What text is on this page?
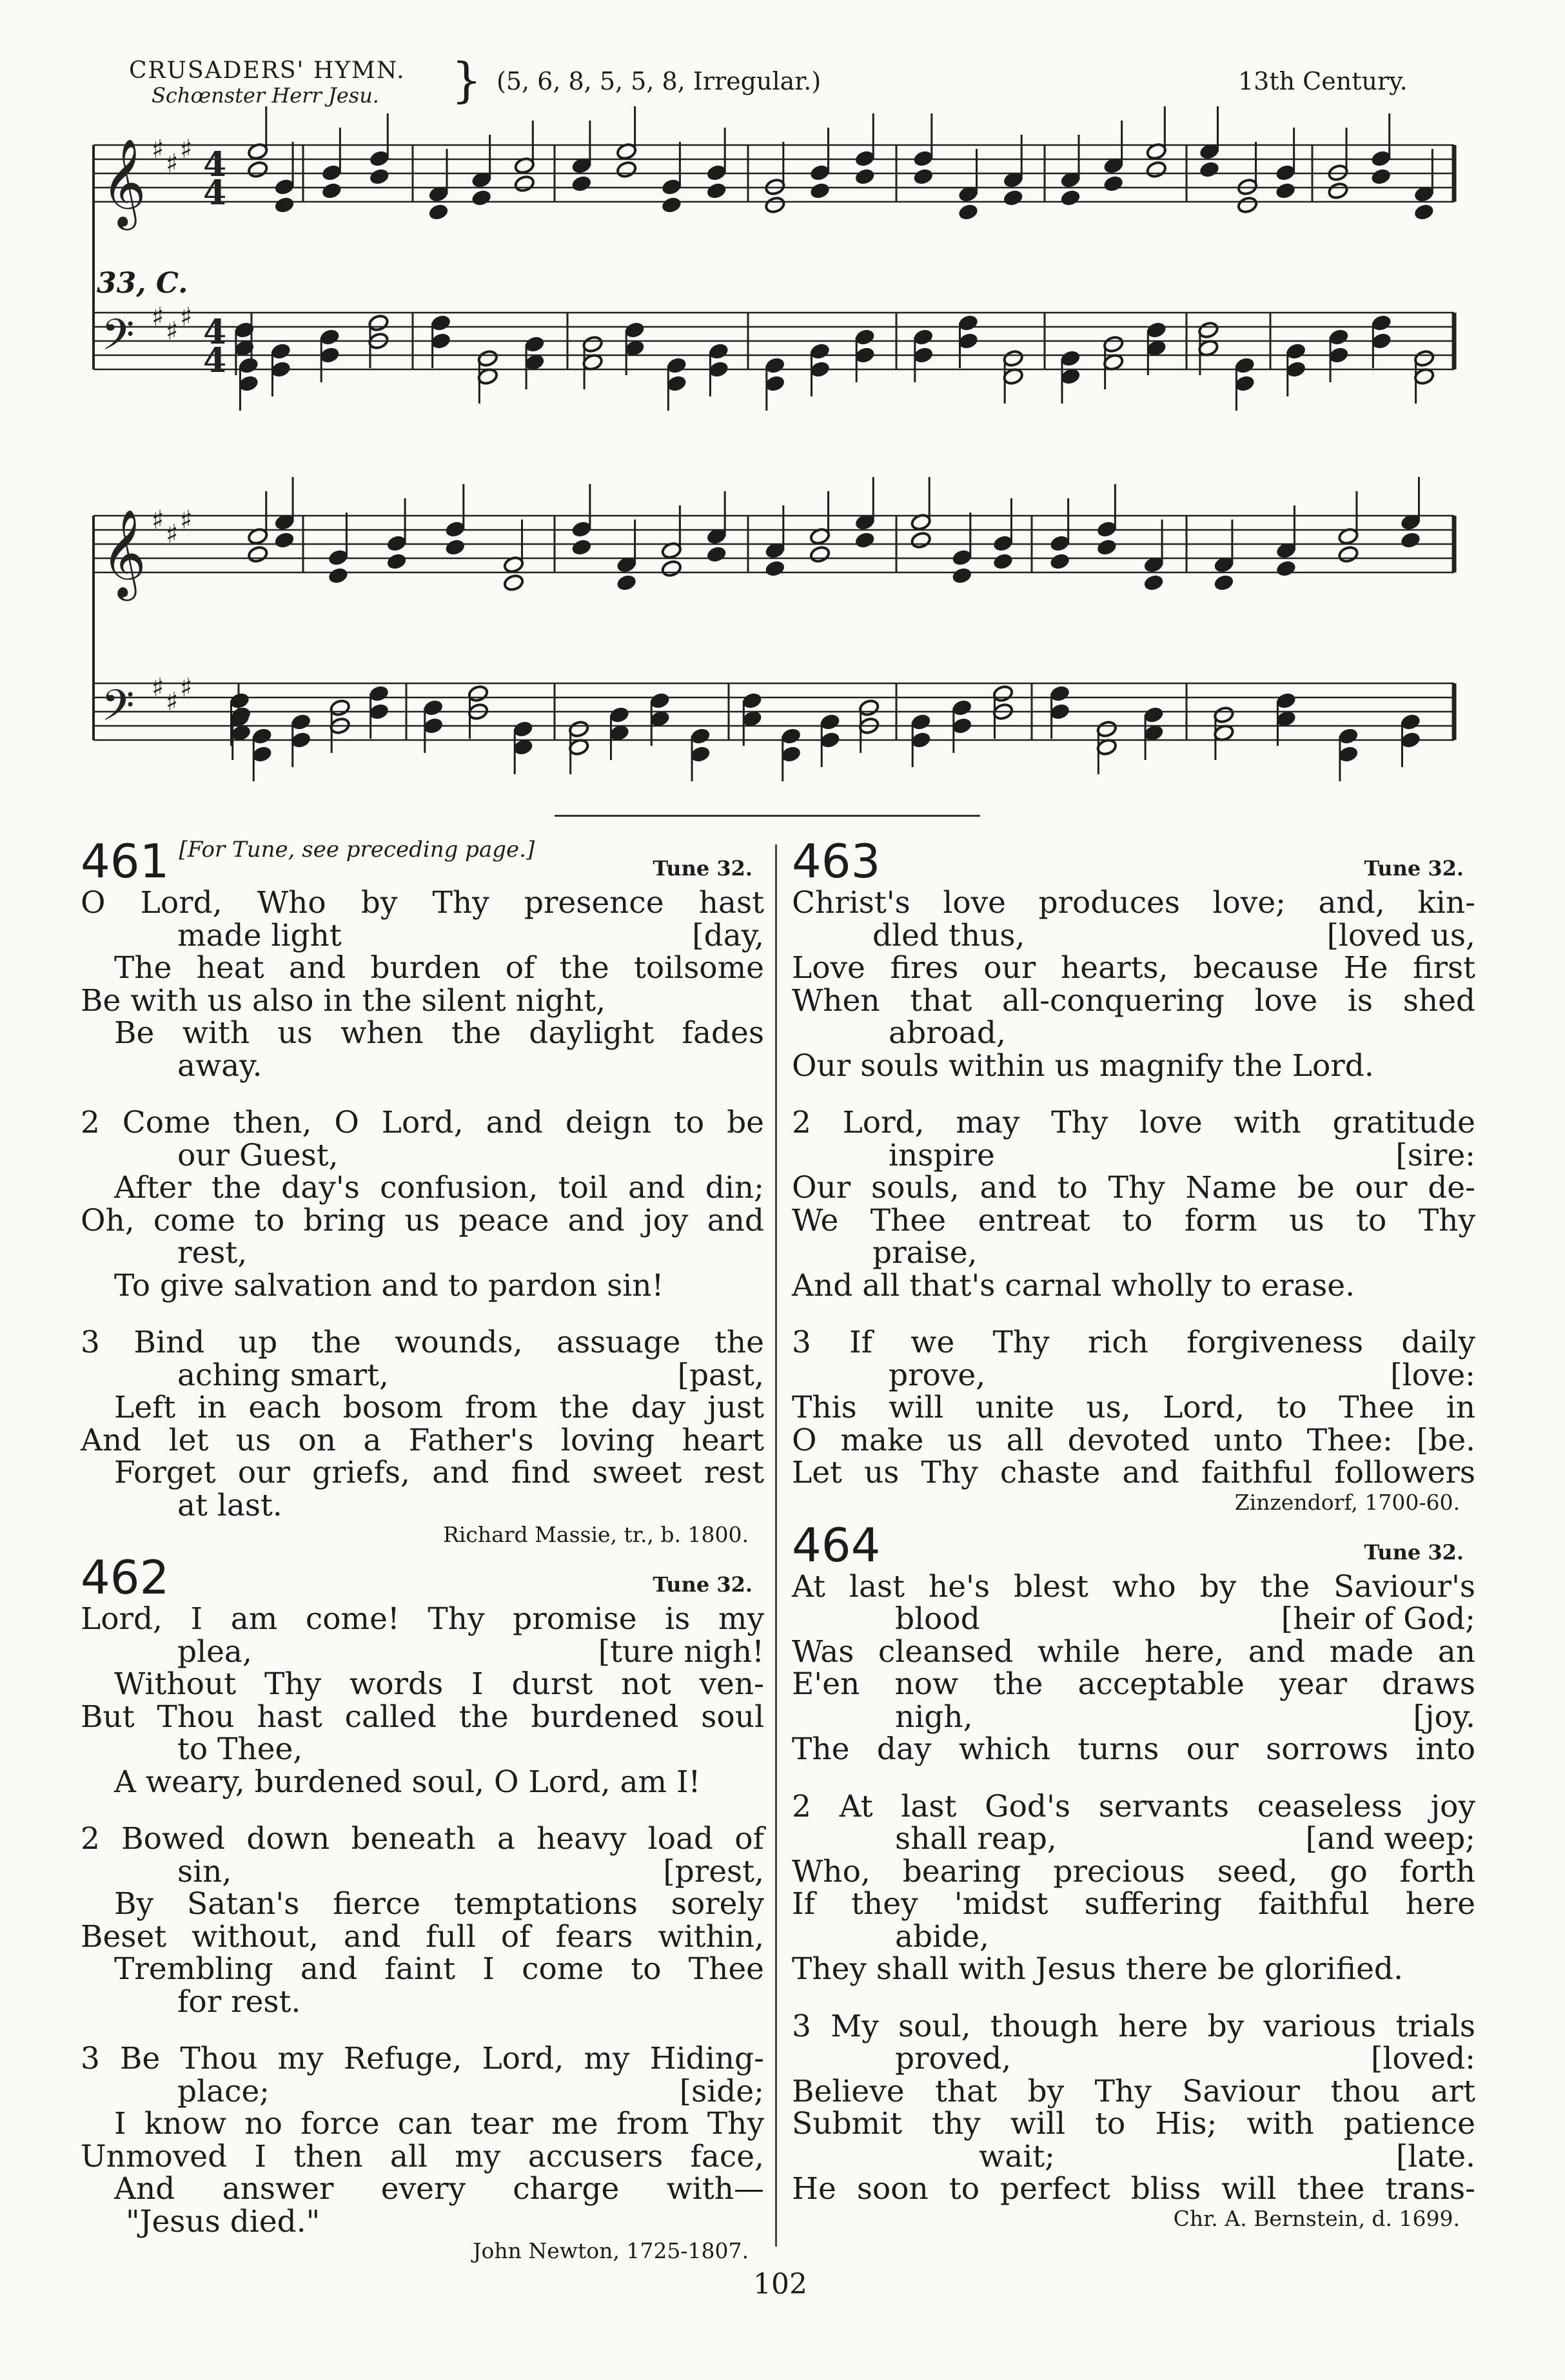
CRUSADERS' HYMN.
Schœnster Herr Jesu. } (5, 6, 8, 5, 5, 8, Irregular.)	13th Century.
𝄞 ♯ ♯ ♯ 4
4
𝄢 ♯ ♯ ♯ 4
4
𝄞 ♯ ♯ ♯
𝄢 ♯ ♯ ♯
33, C.
461 [For Tune, see preceding page.]
Tune 32.
O Lord, Who by Thy presence hast
made light	[day,
The heat and burden of the toilsome
Be with us also in the silent night,
Be with us when the daylight fades
away.
2 Come then, O Lord, and deign to be
our Guest,
After the day's confusion, toil and din;
Oh, come to bring us peace and joy and
rest,
To give salvation and to pardon sin!
3 Bind up the wounds, assuage the
aching smart,	[past,
Left in each bosom from the day just
And let us on a Father's loving heart
Forget our griefs, and find sweet rest
at last.
Richard Massie, tr., b. 1800.
462	Tune 32.
Lord, I am come! Thy promise is my
plea,	[ture nigh!
Without Thy words I durst not ven-
But Thou hast called the burdened soul
to Thee,
A weary, burdened soul, O Lord, am I!
2 Bowed down beneath a heavy load of
sin,	[prest,
By Satan's fierce temptations sorely
Beset without, and full of fears within,
Trembling and faint I come to Thee
for rest.
3 Be Thou my Refuge, Lord, my Hiding-
place;	[side;
I know no force can tear me from Thy
Unmoved I then all my accusers face,
And answer every charge with—
"Jesus died."
John Newton, 1725-1807.
463	Tune 32.
Christ's love produces love; and, kin-
dled thus,	[loved us,
Love fires our hearts, because He first
When that all-conquering love is shed
abroad,
Our souls within us magnify the Lord.
2 Lord, may Thy love with gratitude
inspire	[sire:
Our souls, and to Thy Name be our de-
We Thee entreat to form us to Thy
praise,
And all that's carnal wholly to erase.
3 If we Thy rich forgiveness daily
prove,	[love:
This will unite us, Lord, to Thee in
O make us all devoted unto Thee: [be.
Let us Thy chaste and faithful followers
Zinzendorf, 1700-60.
464	Tune 32.
At last he's blest who by the Saviour's
blood	[heir of God;
Was cleansed while here, and made an
E'en now the acceptable year draws
nigh,	[joy.
The day which turns our sorrows into
2 At last God's servants ceaseless joy
shall reap,	[and weep;
Who, bearing precious seed, go forth
If they 'midst suffering faithful here
abide,
They shall with Jesus there be glorified.
3 My soul, though here by various trials
proved,	[loved:
Believe that by Thy Saviour thou art
Submit thy will to His; with patience
wait;	[late.
He soon to perfect bliss will thee trans-
Chr. A. Bernstein, d. 1699.
102
